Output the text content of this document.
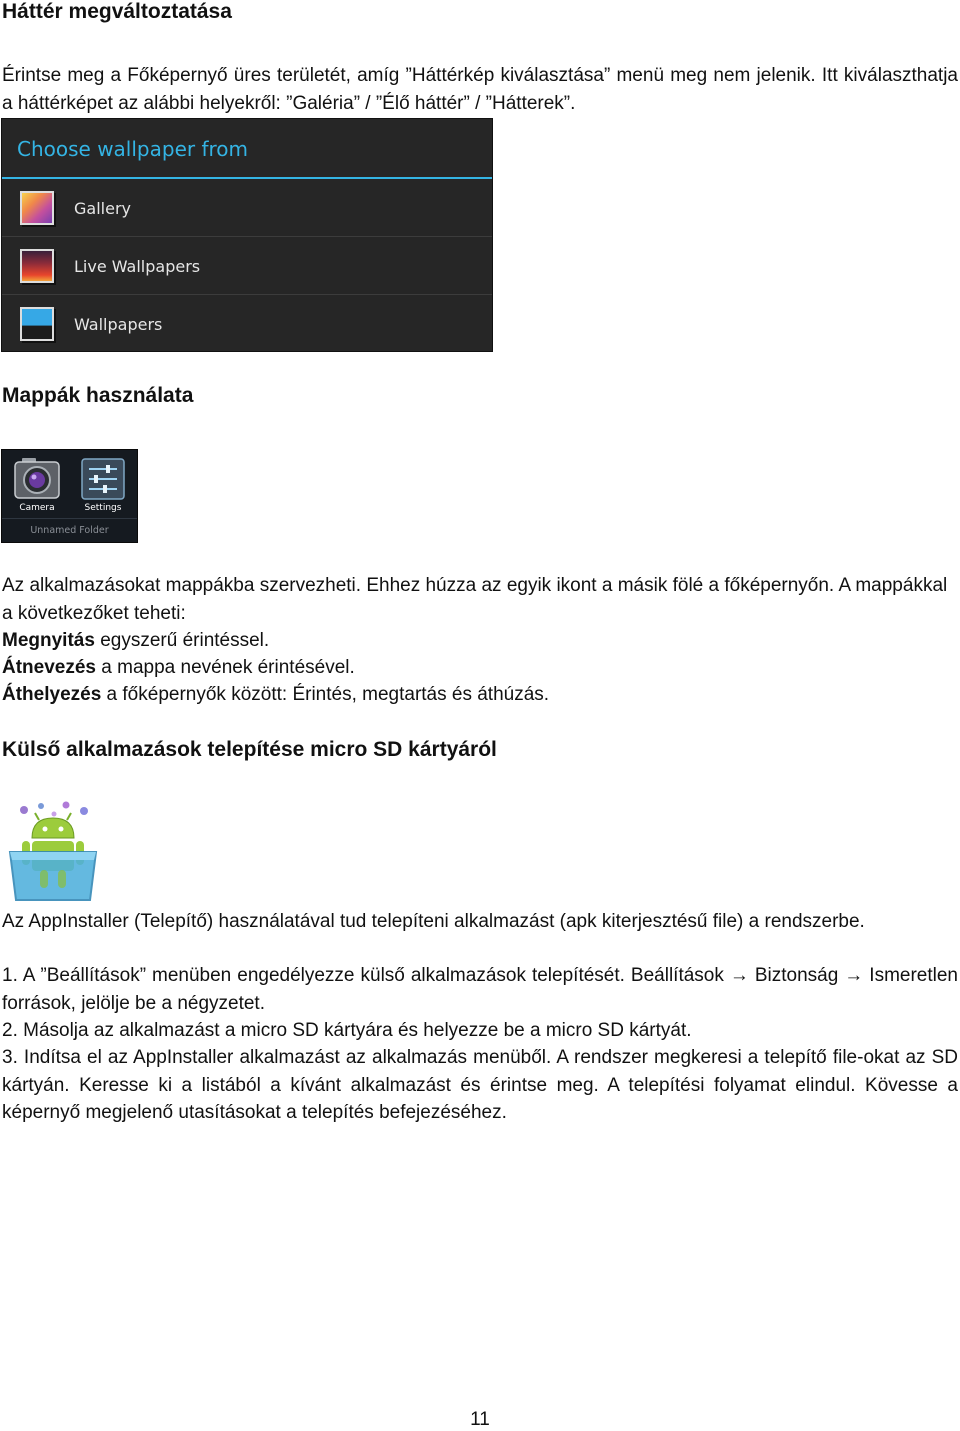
Háttér megváltoztatása

Érintse meg a Főképernyő üres területét, amíg ”Háttérkép kiválasztása” menü meg nem jelenik. Itt kiválaszthatja a háttérképet az alábbi helyekről: ”Galéria” / ”Élő háttér” / ”Hátterek”.

Choose wallpaper from
Gallery
Live Wallpapers
Wallpapers
Mappák használata
Camera	Settings
Unnamed Folder

Az alkalmazásokat mappákba szervezheti. Ehhez húzza az egyik ikont a másik fölé a főképernyőn. A mappákkal a következőket teheti:

Megnyitás egyszerű érintéssel.

Átnevezés a mappa nevének érintésével.

Áthelyezés a főképernyők között: Érintés, megtartás és áthúzás.

Külső alkalmazások telepítése micro SD kártyáról

Az AppInstaller (Telepítő) használatával tud telepíteni alkalmazást (apk kiterjesztésű file) a rendszerbe.

1. A ”Beállítások” menüben engedélyezze külső alkalmazások telepítését. Beállítások → Biztonság → Ismeretlen források, jelölje be a négyzetet.

2. Másolja az alkalmazást a micro SD kártyára és helyezze be a micro SD kártyát.

3. Indítsa el az AppInstaller alkalmazást az alkalmazás menüből. A rendszer megkeresi a telepítő file-okat az SD kártyán. Keresse ki a listából a kívánt alkalmazást és érintse meg. A telepítési folyamat elindul. Kövesse a képernyő megjelenő utasításokat a telepítés befejezéséhez.

11
